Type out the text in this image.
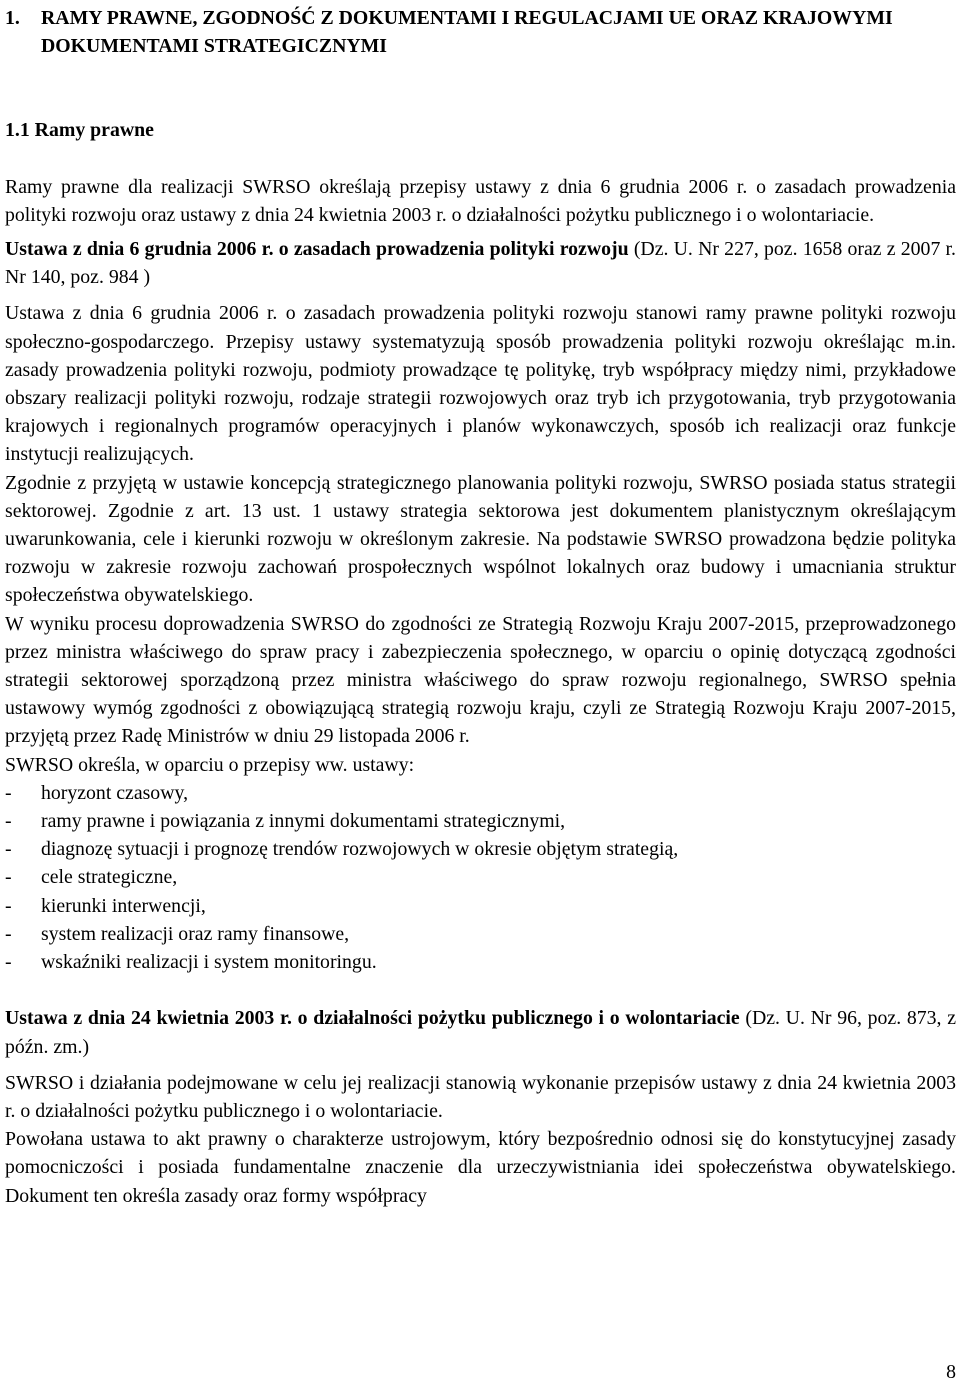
1.	RAMY PRAWNE, ZGODNOŚĆ Z DOKUMENTAMI I REGULACJAMI UE ORAZ KRAJOWYMI DOKUMENTAMI STRATEGICZNYMI
1.1 Ramy prawne

Ramy prawne dla realizacji SWRSO określają przepisy ustawy z dnia 6 grudnia 2006 r. o zasadach prowadzenia polityki rozwoju oraz ustawy z dnia 24 kwietnia 2003 r. o działalności pożytku publicznego i o wolontariacie.

Ustawa z dnia 6 grudnia 2006 r. o zasadach prowadzenia polityki rozwoju (Dz. U. Nr 227, poz. 1658 oraz z 2007 r. Nr 140, poz. 984 )

Ustawa z dnia 6 grudnia 2006 r. o zasadach prowadzenia polityki rozwoju stanowi ramy prawne polityki rozwoju społeczno-gospodarczego. Przepisy ustawy systematyzują sposób prowadzenia polityki rozwoju określając m.in. zasady prowadzenia polityki rozwoju, podmioty prowadzące tę politykę, tryb współpracy między nimi, przykładowe obszary realizacji polityki rozwoju, rodzaje strategii rozwojowych oraz tryb ich przygotowania, tryb przygotowania krajowych i regionalnych programów operacyjnych i planów wykonawczych, sposób ich realizacji oraz funkcje instytucji realizujących.

Zgodnie z przyjętą w ustawie koncepcją strategicznego planowania polityki rozwoju, SWRSO posiada status strategii sektorowej. Zgodnie z art. 13 ust. 1 ustawy strategia sektorowa jest dokumentem planistycznym określającym uwarunkowania, cele i kierunki rozwoju w określonym zakresie. Na podstawie SWRSO prowadzona będzie polityka rozwoju w zakresie rozwoju zachowań prospołecznych wspólnot lokalnych oraz budowy i umacniania struktur społeczeństwa obywatelskiego.

W wyniku procesu doprowadzenia SWRSO do zgodności ze Strategią Rozwoju Kraju 2007-2015, przeprowadzonego przez ministra właściwego do spraw pracy i zabezpieczenia społecznego, w oparciu o opinię dotyczącą zgodności strategii sektorowej sporządzoną przez ministra właściwego do spraw rozwoju regionalnego, SWRSO spełnia ustawowy wymóg zgodności z obowiązującą strategią rozwoju kraju, czyli ze Strategią Rozwoju Kraju 2007-2015, przyjętą przez Radę Ministrów w dniu 29 listopada 2006 r.

SWRSO określa, w oparciu o przepisy ww. ustawy:

-	horyzont czasowy,
-	ramy prawne i powiązania z innymi dokumentami strategicznymi,
-	diagnozę sytuacji i prognozę trendów rozwojowych w okresie objętym strategią,
-	cele strategiczne,
-	kierunki interwencji,
-	system realizacji oraz ramy finansowe,
-	wskaźniki realizacji i system monitoringu.

Ustawa z dnia 24 kwietnia 2003 r. o działalności pożytku publicznego i o wolontariacie (Dz. U. Nr 96, poz. 873, z późn. zm.)

SWRSO i działania podejmowane w celu jej realizacji stanowią wykonanie przepisów ustawy z dnia 24 kwietnia 2003 r. o działalności pożytku publicznego i o wolontariacie.

Powołana ustawa to akt prawny o charakterze ustrojowym, który bezpośrednio odnosi się do konstytucyjnej zasady pomocniczości i posiada fundamentalne znaczenie dla urzeczywistniania idei społeczeństwa obywatelskiego. Dokument ten określa zasady oraz formy współpracy

8
